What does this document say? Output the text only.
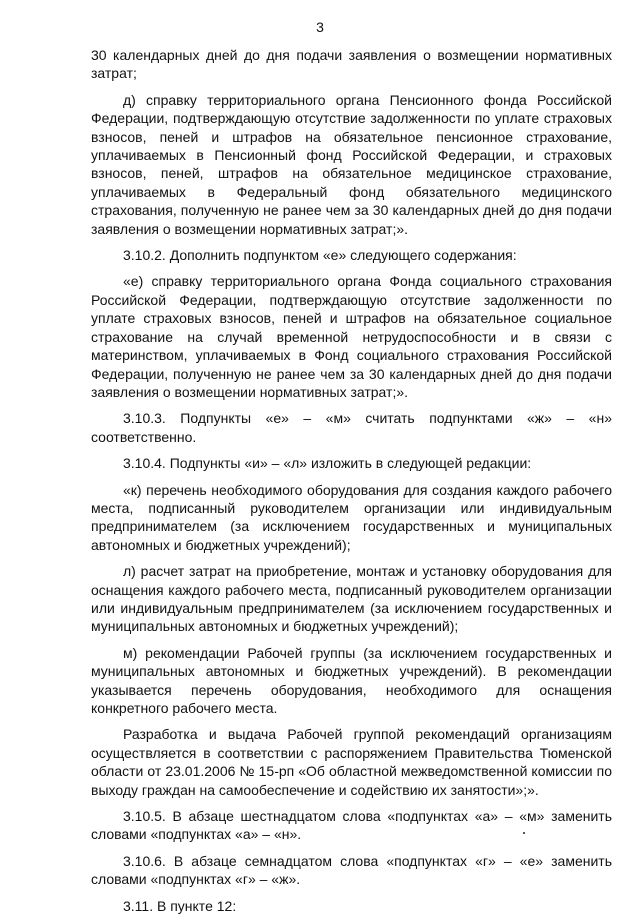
3

30 календарных дней до дня подачи заявления о возмещении нормативных затрат;

д) справку территориального органа Пенсионного фонда Российской Федерации, подтверждающую отсутствие задолженности по уплате страховых взносов, пеней и штрафов на обязательное пенсионное страхование, уплачиваемых в Пенсионный фонд Российской Федерации, и страховых взносов, пеней, штрафов на обязательное медицинское страхование, уплачиваемых в Федеральный фонд обязательного медицинского страхования, полученную не ранее чем за 30 календарных дней до дня подачи заявления о возмещении нормативных затрат;».

3.10.2. Дополнить подпунктом «е» следующего содержания:

«е) справку территориального органа Фонда социального страхования Российской Федерации, подтверждающую отсутствие задолженности по уплате страховых взносов, пеней и штрафов на обязательное социальное страхование на случай временной нетрудоспособности и в связи с материнством, уплачиваемых в Фонд социального страхования Российской Федерации, полученную не ранее чем за 30 календарных дней до дня подачи заявления о возмещении нормативных затрат;».

3.10.3. Подпункты «е» – «м» считать подпунктами «ж» – «н» соответственно.

3.10.4. Подпункты «и» – «л» изложить в следующей редакции:

«к) перечень необходимого оборудования для создания каждого рабочего места, подписанный руководителем организации или индивидуальным предпринимателем (за исключением государственных и муниципальных автономных и бюджетных учреждений);

л) расчет затрат на приобретение, монтаж и установку оборудования для оснащения каждого рабочего места, подписанный руководителем организации или индивидуальным предпринимателем (за исключением государственных и муниципальных автономных и бюджетных учреждений);

м) рекомендации Рабочей группы (за исключением государственных и муниципальных автономных и бюджетных учреждений). В рекомендации указывается перечень оборудования, необходимого для оснащения конкретного рабочего места.

Разработка и выдача Рабочей группой рекомендаций организациям осуществляется в соответствии с распоряжением Правительства Тюменской области от 23.01.2006 № 15-рп «Об областной межведомственной комиссии по выходу граждан на самообеспечение и содействию их занятости»;».

3.10.5. В абзаце шестнадцатом слова «подпунктах «а» – «м» заменить словами «подпунктах «а» – «н».

3.10.6. В абзаце семнадцатом слова «подпунктах «г» – «е» заменить словами «подпунктах «г» – «ж».

3.11. В пункте 12:
